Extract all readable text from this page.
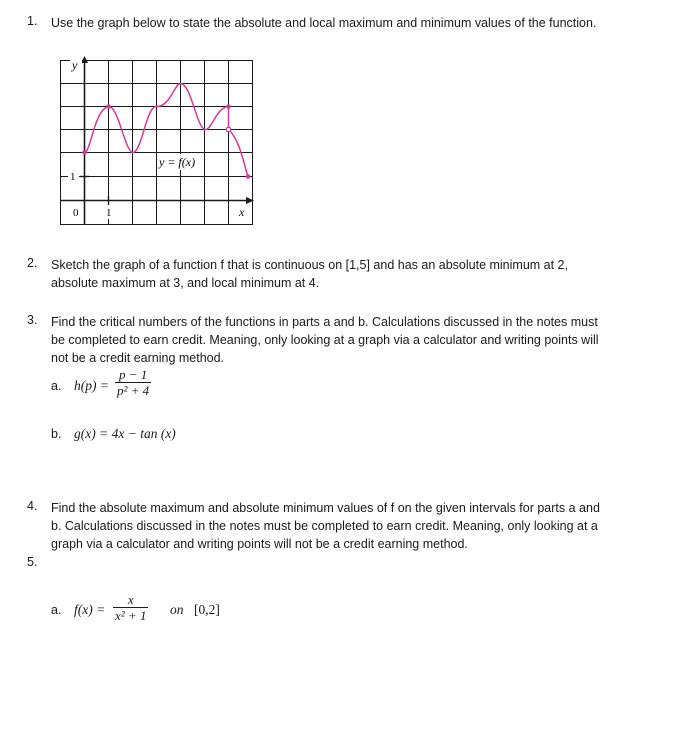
1. Use the graph below to state the absolute and local maximum and minimum values of the function.
y
1
0	1	x
y = f(x)
2. Sketch the graph of a function f that is continuous on [1,5] and has an absolute minimum at 2,
absolute maximum at 3, and local minimum at 4.
3. Find the critical numbers of the functions in parts a and b. Calculations discussed in the notes must
be completed to earn credit. Meaning, only looking at a graph via a calculator and writing points will
not be a credit earning method.
a. $h(p) = \frac{p - 1}{\text{p² + 4}}$
b. g(x) = 4x − tan (x)
4. Find the absolute maximum and absolute minimum values of f on the given intervals for parts a and
b. Calculations discussed in the notes must be completed to earn credit. Meaning, only looking at a
graph via a calculator and writing points will not be a credit earning method.
5.
a. $f(x) = \frac{x}{\text{x² + 1}}$ on [0,2]
